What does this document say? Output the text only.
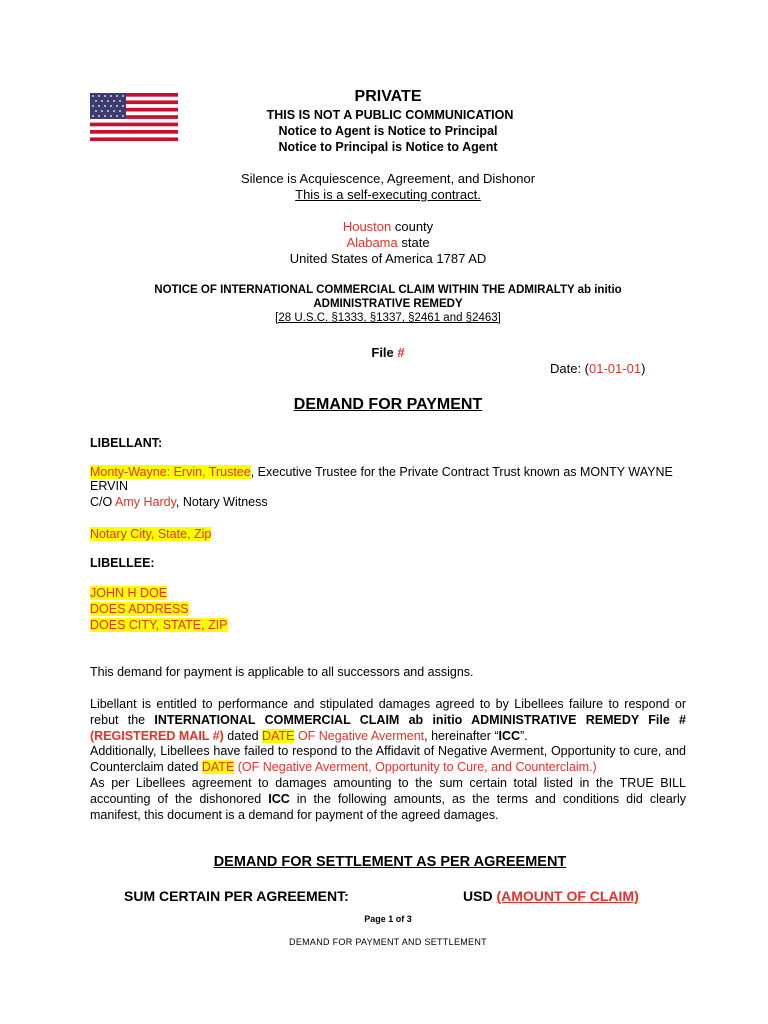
PRIVATE
THIS IS NOT A PUBLIC COMMUNICATION
Notice to Agent is Notice to Principal
Notice to Principal is Notice to Agent
Silence is Acquiescence, Agreement, and Dishonor
This is a self-executing contract.
Houston county
Alabama state
United States of America 1787 AD
NOTICE OF INTERNATIONAL COMMERCIAL CLAIM WITHIN THE ADMIRALTY ab initio
ADMINISTRATIVE REMEDY
[28 U.S.C. §1333, §1337, §2461 and §2463]
File #
Date: (01-01-01)
DEMAND FOR PAYMENT
LIBELLANT:
Monty-Wayne: Ervin, Trustee, Executive Trustee for the Private Contract Trust known as MONTY WAYNE
ERVIN
C/O Amy Hardy, Notary Witness
Notary City, State, Zip
LIBELLEE:
JOHN H DOE
DOES ADDRESS
DOES CITY, STATE, ZIP
This demand for payment is applicable to all successors and assigns.

Libellant is entitled to performance and stipulated damages agreed to by Libellees failure to respond or rebut the INTERNATIONAL COMMERCIAL CLAIM ab initio ADMINISTRATIVE REMEDY File # (REGISTERED MAIL #) dated DATE OF Negative Averment, hereinafter “ICC”.

Additionally, Libellees have failed to respond to the Affidavit of Negative Averment, Opportunity to cure, and Counterclaim dated DATE (OF Negative Averment, Opportunity to Cure, and Counterclaim.)

As per Libellees agreement to damages amounting to the sum certain total listed in the TRUE BILL accounting of the dishonored ICC in the following amounts, as the terms and conditions did clearly manifest, this document is a demand for payment of the agreed damages.

DEMAND FOR SETTLEMENT AS PER AGREEMENT
SUM CERTAIN PER AGREEMENT:	USD (AMOUNT OF CLAIM)
Page 1 of 3
DEMAND FOR PAYMENT AND SETTLEMENT
